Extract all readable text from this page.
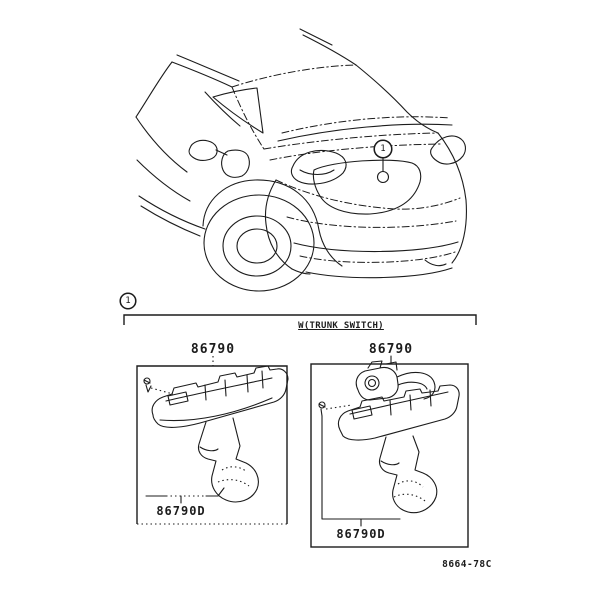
1
1
W(TRUNK SWITCH)
86790	86790
86790D
86790D
8664-78C
